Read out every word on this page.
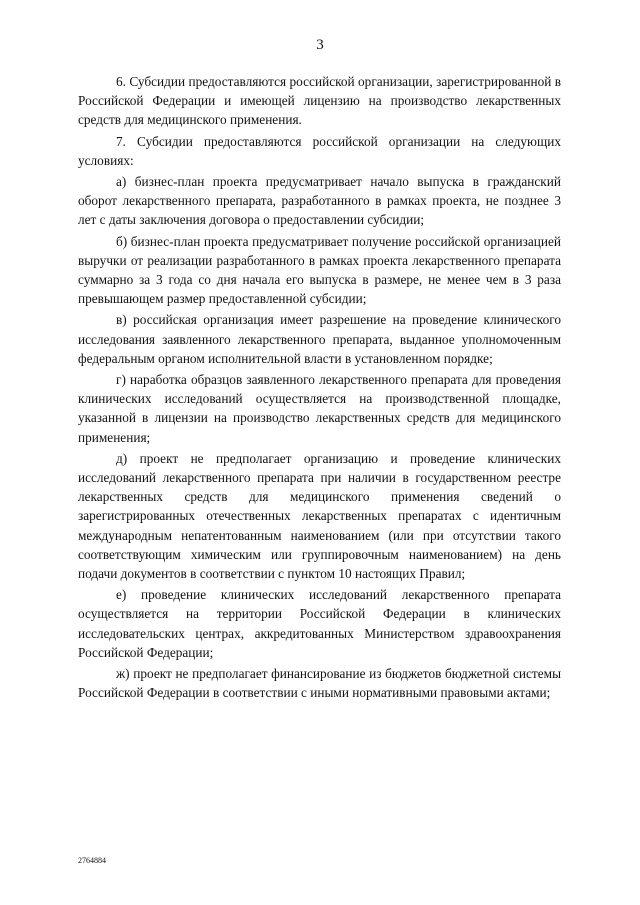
3

6. Субсидии предоставляются российской организации, зарегистрированной в Российской Федерации и имеющей лицензию на производство лекарственных средств для медицинского применения.

7. Субсидии предоставляются российской организации на следующих условиях:

а) бизнес-план проекта предусматривает начало выпуска в гражданский оборот лекарственного препарата, разработанного в рамках проекта, не позднее 3 лет с даты заключения договора о предоставлении субсидии;

б) бизнес-план проекта предусматривает получение российской организацией выручки от реализации разработанного в рамках проекта лекарственного препарата суммарно за 3 года со дня начала его выпуска в размере, не менее чем в 3 раза превышающем размер предоставленной субсидии;

в) российская организация имеет разрешение на проведение клинического исследования заявленного лекарственного препарата, выданное уполномоченным федеральным органом исполнительной власти в установленном порядке;

г) наработка образцов заявленного лекарственного препарата для проведения клинических исследований осуществляется на производственной площадке, указанной в лицензии на производство лекарственных средств для медицинского применения;

д) проект не предполагает организацию и проведение клинических исследований лекарственного препарата при наличии в государственном реестре лекарственных средств для медицинского применения сведений о зарегистрированных отечественных лекарственных препаратах с идентичным международным непатентованным наименованием (или при отсутствии такого соответствующим химическим или группировочным наименованием) на день подачи документов в соответствии с пунктом 10 настоящих Правил;

е) проведение клинических исследований лекарственного препарата осуществляется на территории Российской Федерации в клинических исследовательских центрах, аккредитованных Министерством здравоохранения Российской Федерации;

ж) проект не предполагает финансирование из бюджетов бюджетной системы Российской Федерации в соответствии с иными нормативными правовыми актами;

2764884
